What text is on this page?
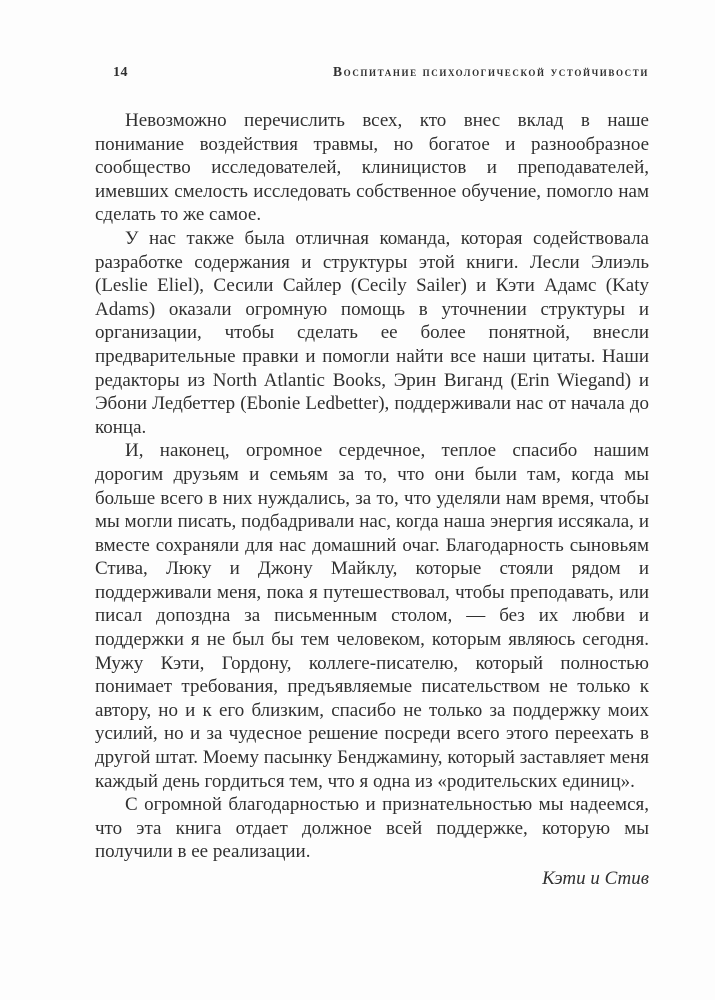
14	Воспитание психологической устойчивости

Невозможно перечислить всех, кто внес вклад в наше понимание воздействия травмы, но богатое и разнообразное сообщество исследователей, клиницистов и преподавателей, имевших смелость исследовать собственное обучение, помогло нам сделать то же самое.

У нас также была отличная команда, которая содействовала разработке содержания и структуры этой книги. Лесли Элиэль (Leslie Eliel), Сесили Сайлер (Cecily Sailer) и Кэти Адамс (Katy Adams) оказали огромную помощь в уточнении структуры и организации, чтобы сделать ее более понятной, внесли предварительные правки и помогли найти все наши цитаты. Наши редакторы из North Atlantic Books, Эрин Виганд (Erin Wiegand) и Эбони Ледбеттер (Ebonie Ledbetter), поддерживали нас от начала до конца.

И, наконец, огромное сердечное, теплое спасибо нашим дорогим друзьям и семьям за то, что они были там, когда мы больше всего в них нуждались, за то, что уделяли нам время, чтобы мы могли писать, подбадривали нас, когда наша энергия иссякала, и вместе сохраняли для нас домашний очаг. Благодарность сыновьям Стива, Люку и Джону Майклу, которые стояли рядом и поддерживали меня, пока я путешествовал, чтобы преподавать, или писал допоздна за письменным столом, — без их любви и поддержки я не был бы тем человеком, которым являюсь сегодня. Мужу Кэти, Гордону, коллеге-писателю, который полностью понимает требования, предъявляемые писательством не только к автору, но и к его близким, спасибо не только за поддержку моих усилий, но и за чудесное решение посреди всего этого переехать в другой штат. Моему пасынку Бенджамину, который заставляет меня каждый день гордиться тем, что я одна из «родительских единиц».

С огромной благодарностью и признательностью мы надеемся, что эта книга отдает должное всей поддержке, которую мы получили в ее реализации.

Кэти и Стив
